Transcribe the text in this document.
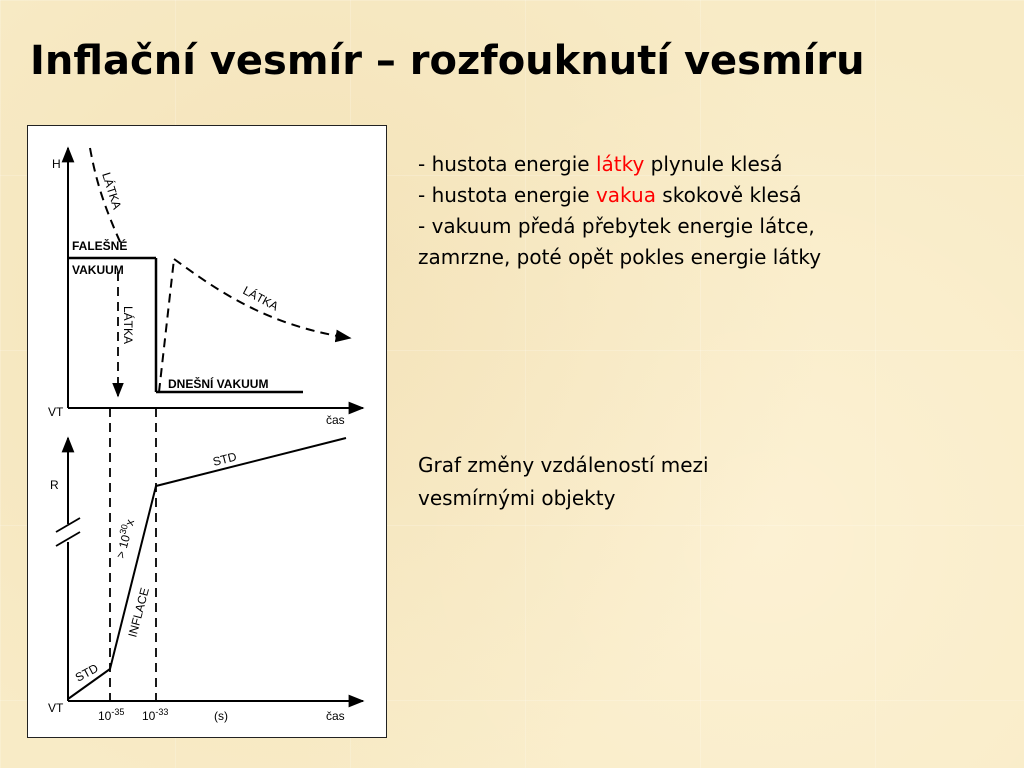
Inflační vesmír – rozfouknutí vesmíru
H
VT
čas
LÁTKA
FALEŠNÉ
VAKUUM
DNEŠNÍ VAKUUM
LÁTKA
LÁTKA
R
VT
čas
STD
INFLACE
> $10^{30}x$
STD
$10^{-35}$ $10^{-33}$	(s)
- hustota energie látky plynule klesá
- hustota energie vakua skokově klesá
- vakuum předá přebytek energie látce,
zamrzne, poté opět pokles energie látky
Graf změny vzdáleností mezi
vesmírnými objekty
